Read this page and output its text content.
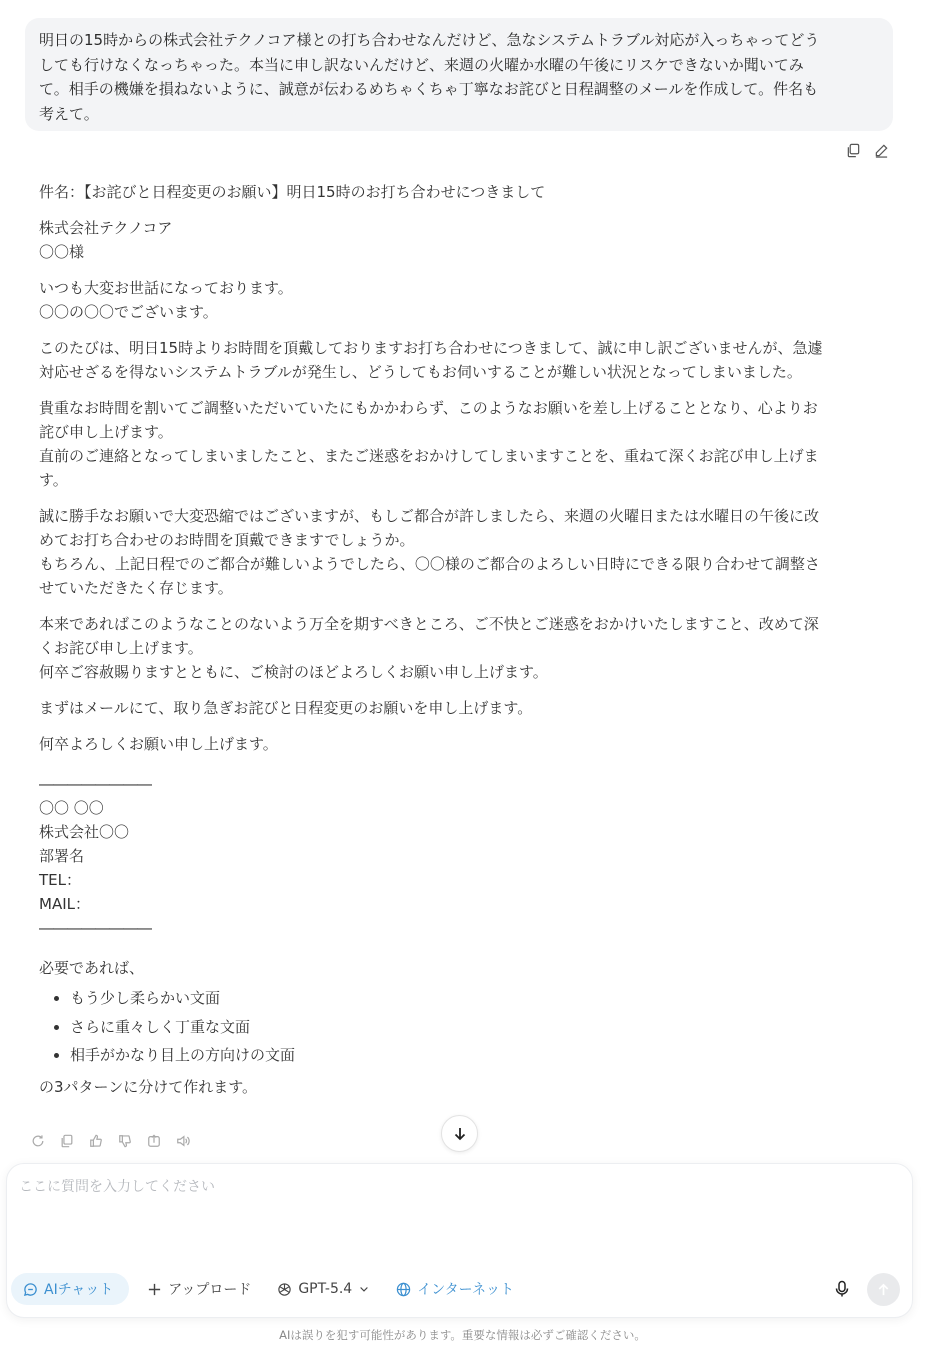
明日の15時からの株式会社テクノコア様との打ち合わせなんだけど、急なシステムトラブル対応が入っちゃってどう
しても行けなくなっちゃった。本当に申し訳ないんだけど、来週の火曜か水曜の午後にリスケできないか聞いてみ
て。相手の機嫌を損ねないように、誠意が伝わるめちゃくちゃ丁寧なお詫びと日程調整のメールを作成して。件名も
考えて。
件名：【お詫びと日程変更のお願い】明日15時のお打ち合わせにつきまして
株式会社テクノコア
〇〇様
いつも大変お世話になっております。
〇〇の〇〇でございます。
このたびは、明日15時よりお時間を頂戴しておりますお打ち合わせにつきまして、誠に申し訳ございませんが、急遽
対応せざるを得ないシステムトラブルが発生し、どうしてもお伺いすることが難しい状況となってしまいました。
貴重なお時間を割いてご調整いただいていたにもかかわらず、このようなお願いを差し上げることとなり、心よりお
詫び申し上げます。
直前のご連絡となってしまいましたこと、またご迷惑をおかけしてしまいますことを、重ねて深くお詫び申し上げま
す。
誠に勝手なお願いで大変恐縮ではございますが、もしご都合が許しましたら、来週の火曜日または水曜日の午後に改
めてお打ち合わせのお時間を頂戴できますでしょうか。
もちろん、上記日程でのご都合が難しいようでしたら、〇〇様のご都合のよろしい日時にできる限り合わせて調整さ
せていただきたく存じます。
本来であればこのようなことのないよう万全を期すべきところ、ご不快とご迷惑をおかけいたしますこと、改めて深
くお詫び申し上げます。
何卒ご容赦賜りますとともに、ご検討のほどよろしくお願い申し上げます。
まずはメールにて、取り急ぎお詫びと日程変更のお願いを申し上げます。
何卒よろしくお願い申し上げます。
――――――――
〇〇 〇〇
株式会社〇〇
部署名
TEL：
MAIL：
――――――――
必要であれば、
もう少し柔らかい文面
さらに重々しく丁重な文面
相手がかなり目上の方向けの文面
の3パターンに分けて作れます。
ここに質問を入力してください
AIチャット	アップロード	GPT-5.4	インターネット
AIは誤りを犯す可能性があります。重要な情報は必ずご確認ください。
